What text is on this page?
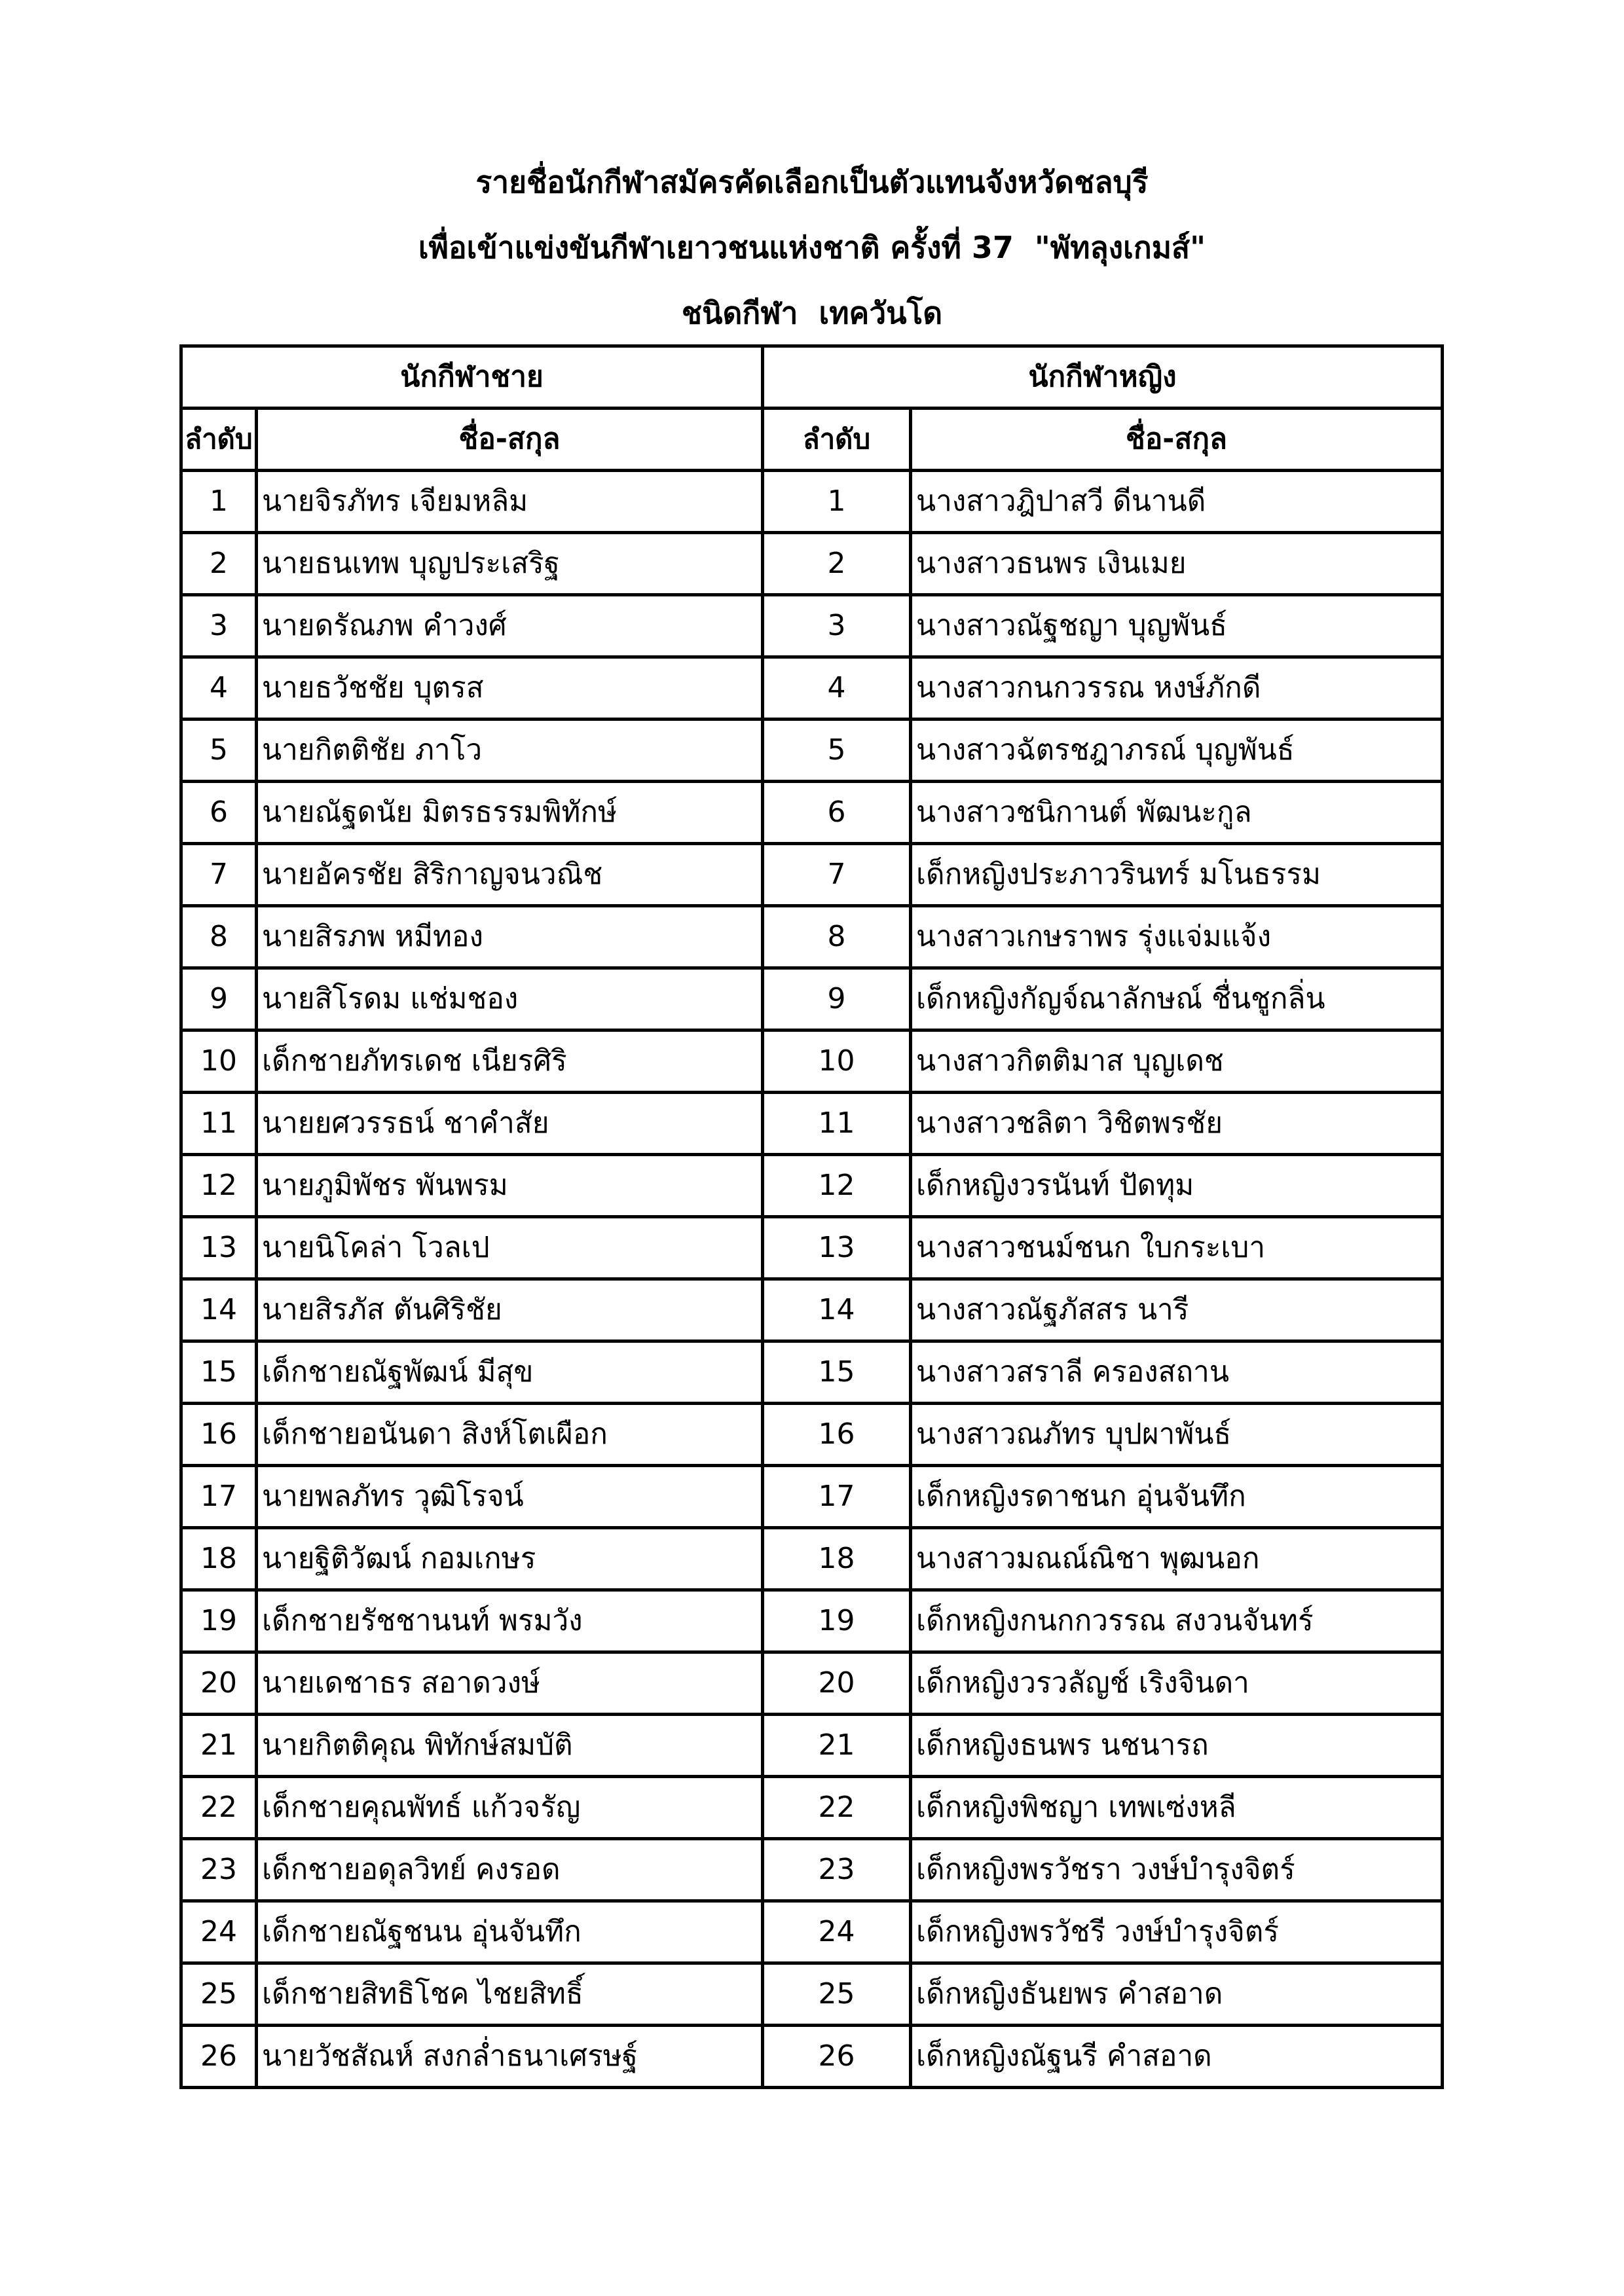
รายชื่อนักกีฬาสมัครคัดเลือกเป็นตัวแทนจังหวัดชลบุรี
เพื่อเข้าแข่งขันกีฬาเยาวชนแห่งชาติ ครั้งที่ 37  "พัทลุงเกมส์"
ชนิดกีฬา  เทควันโด
นักกีฬาชาย		นักกีฬาหญิง	
ลำดับ	ชื่อ-สกุล	ลำดับ	ชื่อ-สกุล
1	นายจิรภัทร เจียมหลิม	1	นางสาวฎิปาสวี ดีนานดี
2	นายธนเทพ บุญประเสริฐ	2	นางสาวธนพร เงินเมย
3	นายดรัณภพ คำวงศ์	3	นางสาวณัฐชญา บุญพันธ์
4	นายธวัชชัย บุตรส	4	นางสาวกนกวรรณ หงษ์ภักดี
5	นายกิตติชัย ภาโว	5	นางสาวฉัตรชฎาภรณ์ บุญพันธ์
6	นายณัฐดนัย มิตรธรรมพิทักษ์	6	นางสาวชนิกานต์ พัฒนะกูล
7	นายอัครชัย สิริกาญจนวณิช	7	เด็กหญิงประภาวรินทร์ มโนธรรม
8	นายสิรภพ หมีทอง	8	นางสาวเกษราพร รุ่งแจ่มแจ้ง
9	นายสิโรดม แช่มชอง	9	เด็กหญิงกัญจ์ณาลักษณ์ ชื่นชูกลิ่น
10	เด็กชายภัทรเดช เนียรศิริ	10	นางสาวกิตติมาส บุญเดช
11	นายยศวรรธน์ ชาคำสัย	11	นางสาวชลิตา วิชิตพรชัย
12	นายภูมิพัชร พันพรม	12	เด็กหญิงวรนันท์ ปัดทุม
13	นายนิโคล่า โวลเป	13	นางสาวชนม์ชนก ใบกระเบา
14	นายสิรภัส ตันศิริชัย	14	นางสาวณัฐภัสสร นารี
15	เด็กชายณัฐพัฒน์ มีสุข	15	นางสาวสราลี ครองสถาน
16	เด็กชายอนันดา สิงห์โตเผือก	16	นางสาวณภัทร บุปผาพันธ์
17	นายพลภัทร วุฒิโรจน์	17	เด็กหญิงรดาชนก อุ่นจันทึก
18	นายฐิติวัฒน์ กอมเกษร	18	นางสาวมณณ์ณิชา พุฒนอก
19	เด็กชายรัชชานนท์ พรมวัง	19	เด็กหญิงกนกกวรรณ สงวนจันทร์
20	นายเดชาธร สอาดวงษ์	20	เด็กหญิงวรวลัญช์ เริงจินดา
21	นายกิตติคุณ พิทักษ์สมบัติ	21	เด็กหญิงธนพร นชนารถ
22	เด็กชายคุณพัทธ์ แก้วจรัญ	22	เด็กหญิงพิชญา เทพเซ่งหลี
23	เด็กชายอดุลวิทย์ คงรอด	23	เด็กหญิงพรวัชรา วงษ์บำรุงจิตร์
24	เด็กชายณัฐชนน อุ่นจันทึก	24	เด็กหญิงพรวัชรี วงษ์บำรุงจิตร์
25	เด็กชายสิทธิโชค ไชยสิทธิ์	25	เด็กหญิงธันยพร คำสอาด
26	นายวัชสัณห์ สงกล่ำธนาเศรษฐ์	26	เด็กหญิงณัฐนรี คำสอาด
